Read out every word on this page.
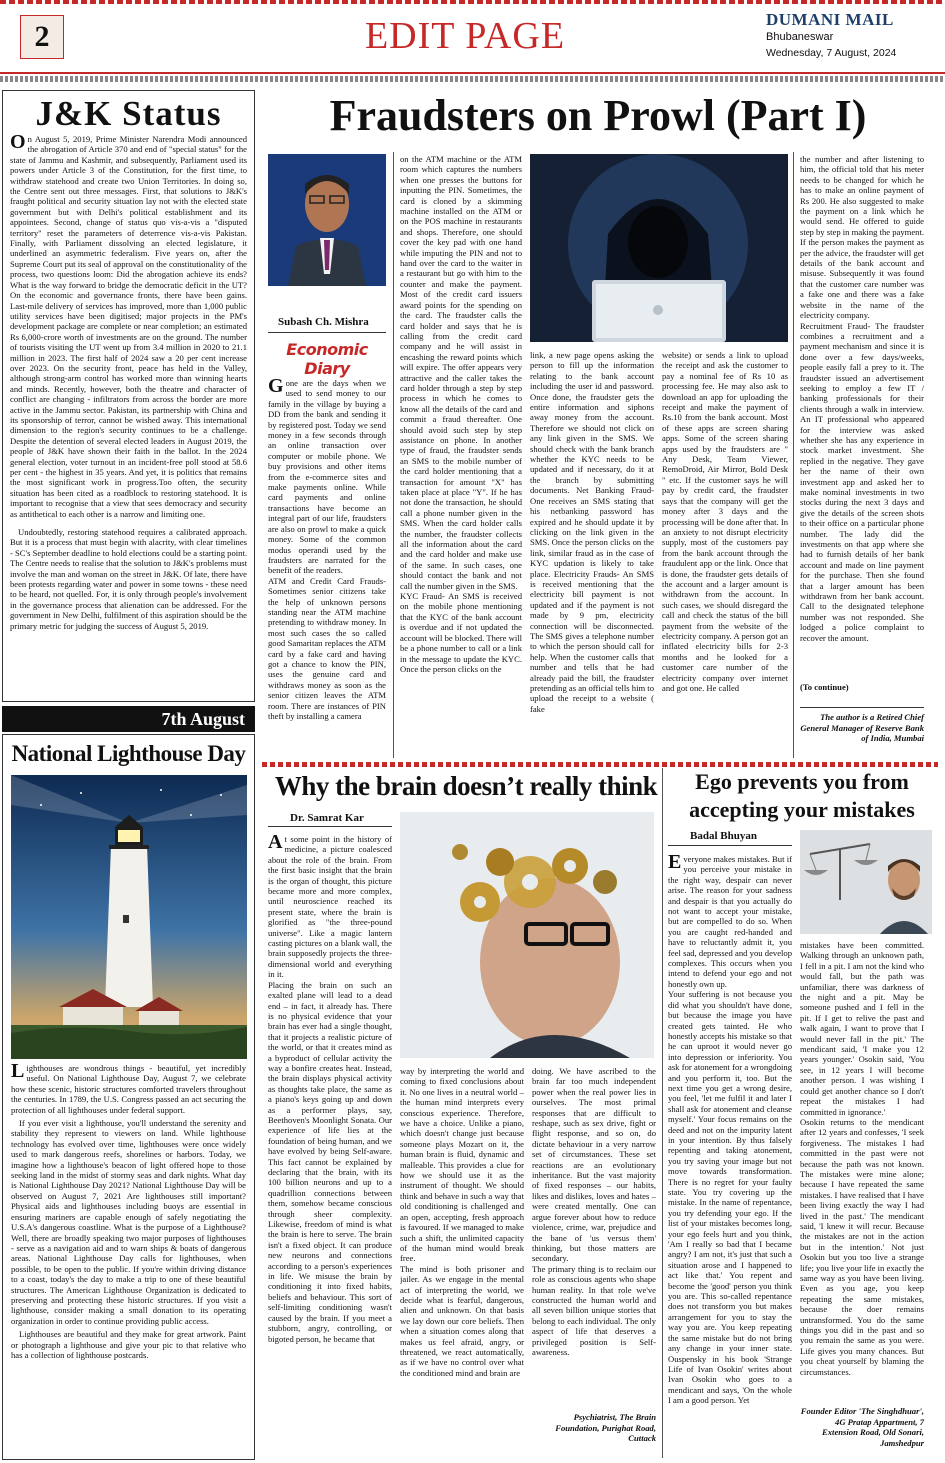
2	EDIT PAGE	DUMANI MAIL
Bhubaneswar
Wednesday, 7 August, 2024
J&K Status

On August 5, 2019, Prime Minister Narendra Modi announced the abrogation of Article 370 and end of "special status" for the state of Jammu and Kashmir, and subsequently, Parliament used its powers under Article 3 of the Constitution, for the first time, to withdraw statehood and create two Union Territories. In doing so, the Centre sent out three messages. First, that solutions to J&K's fraught political and security situation lay not with the elected state government but with Delhi's political establishment and its appointees. Second, change of status quo vis-a-vis a "disputed territory" reset the parameters of deterrence vis-a-vis Pakistan. Finally, with Parliament dissolving an elected legislature, it underlined an asymmetric federalism. Five years on, after the Supreme Court put its seal of approval on the constitutionality of the process, two questions loom: Did the abrogation achieve its ends? What is the way forward to bridge the democratic deficit in the UT?On the economic and governance fronts, there have been gains. Last-mile delivery of services has improved, more than 1,000 public utility services have been digitised; major projects in the PM's development package are complete or near completion; an estimated Rs 6,000-crore worth of investments are on the ground. The number of tourists visiting the UT went up from 3.4 million in 2020 to 21.1 million in 2023. The first half of 2024 saw a 20 per cent increase over 2023. On the security front, peace has held in the Valley, although strong-arm control has worked more than winning hearts and minds. Recently, however, both the theatre and character of conflict are changing - infiltrators from across the border are more active in the Jammu sector. Pakistan, its partnership with China and its sponsorship of terror, cannot be wished away. This international dimension to the region's security continues to be a challenge. Despite the detention of several elected leaders in August 2019, the people of J&K have shown their faith in the ballot. In the 2024 general election, voter turnout in an incident-free poll stood at 58.6 per cent - the highest in 35 years. And yet, it is politics that remains the most significant work in progress.Too often, the security situation has been cited as a roadblock to restoring statehood. It is important to recognise that a view that sees democracy and security as antithetical to each other is a narrow and limiting one.

Undoubtedly, restoring statehood requires a calibrated approach. But it is a process that must begin with alacrity, with clear timelines - SC's September deadline to hold elections could be a starting point. The Centre needs to realise that the solution to J&K's problems must involve the man and woman on the street in J&K. Of late, there have been protests regarding water and power in some towns - these need to be heard, not quelled. For, it is only through people's involvement in the governance process that alienation can be addressed. For the government in New Delhi, fulfilment of this aspiration should be the primary metric for judging the success of August 5, 2019.

7th August
National Lighthouse Day

Lighthouses are wondrous things - beautiful, yet incredibly useful. On National Lighthouse Day, August 7, we celebrate how these scenic, historic structures comforted travelers throughout the centuries. In 1789, the U.S. Congress passed an act securing the protection of all lighthouses under federal support.

If you ever visit a lighthouse, you'll understand the serenity and stability they represent to viewers on land. While lighthouse technology has evolved over time, lighthouses were once widely used to mark dangerous reefs, shorelines or harbors. Today, we imagine how a lighthouse's beacon of light offered hope to those seeking land in the midst of stormy seas and dark nights. What day is National Lighthouse Day 2021? National Lighthouse Day will be observed on August 7, 2021 Are lighthouses still important? Physical aids and lighthouses including buoys are essential in ensuring mariners are capable enough of safely negotiating the U.S.A's dangerous coastline. What is the purpose of a Lighthouse? Well, there are broadly speaking two major purposes of lighthouses - serve as a navigation aid and to warn ships & boats of dangerous areas. National Lighthouse Day calls for lighthouses, when possible, to be open to the public. If you're within driving distance to a coast, today's the day to make a trip to one of these beautiful structures. The American Lighthouse Organization is dedicated to preserving and protecting these historic structures. If you visit a lighthouse, consider making a small donation to its operating organization in order to continue providing public access.

Lighthouses are beautiful and they make for great artwork. Paint or photograph a lighthouse and give your pic to that relative who has a collection of lighthouse postcards.

Fraudsters on Prowl (Part I)
Subash Ch. Mishra
Economic Diary
Gone are the days when we used to send money to our family in the village by buying a DD from the bank and sending it by registered post. Today we send money in a few seconds through an online transaction over computer or mobile phone. We buy provisions and other items from the e-commerce sites and make payments online. While card payments and online transactions have become an integral part of our life, fraudsters are also on prowl to make a quick money. Some of the common modus operandi used by the fraudsters are narrated for the benefit of the readers.
ATM and Credit Card Frauds- Sometimes senior citizens take the help of unknown persons standing near the ATM machine pretending to withdraw money. In most such cases the so called good Samaritan replaces the ATM card by a fake card and having got a chance to know the PIN, uses the genuine card and withdraws money as soon as the senior citizen leaves the ATM room. There are instances of PIN theft by installing a camera
on the ATM machine or the ATM room which captures the numbers when one presses the buttons for inputting the PIN. Sometimes, the card is cloned by a skimming machine installed on the ATM or on the POS machine in restaurants and shops. Therefore, one should cover the key pad with one hand while imputing the PIN and not to hand over the card to the waiter in a restaurant but go with him to the counter and make the payment. Most of the credit card issuers award points for the spending on the card. The fraudster calls the card holder and says that he is calling from the credit card company and he will assist in encashing the reward points which will expire. The offer appears very attractive and the caller takes the card holder through a step by step process in which he comes to know all the details of the card and commit a fraud thereafter. One should avoid such step by step assistance on phone. In another type of fraud, the fraudster sends an SMS to the mobile number of the card holder mentioning that a transaction for amount "X" has taken place at place "Y". If he has not done the transaction, he should call a phone number given in the SMS. When the card holder calls the number, the fraudster collects all the information about the card and the card holder and make use of the same. In such cases, one should contact the bank and not call the number given in the SMS.
KYC Fraud- An SMS is received on the mobile phone mentioning that the KYC of the bank account is overdue and if not updated the account will be blocked. There will be a phone number to call or a link in the message to update the KYC. Once the person clicks on the
link, a new page opens asking the person to fill up the information relating to the bank account including the user id and password. Once done, the fraudster gets the entire information and siphons away money from the account. Therefore we should not click on any link given in the SMS. We should check with the bank branch whether the KYC needs to be updated and if necessary, do it at the branch by submitting documents. Net Banking Fraud- One receives an SMS stating that his netbanking password has expired and he should update it by clicking on the link given in the SMS. Once the person clicks on the link, similar fraud as in the case of KYC updation is likely to take place. Electricity Frauds- An SMS is received mentioning that the electricity bill payment is not updated and if the payment is not made by 9 pm, electricity connection will be disconnected. The SMS gives a telephone number to which the person should call for help. When the customer calls that number and tells that he had already paid the bill, the fraudster pretending as an official tells him to upload the receipt to a website ( fake
website) or sends a link to upload the receipt and ask the customer to pay a nominal fee of Rs 10 as processing fee. He may also ask to download an app for uploading the receipt and make the payment of Rs.10 from the bank account. Most of these apps are screen sharing apps. Some of the screen sharing apps used by the fraudsters are " Any Desk, Team Viewer, RemoDroid, Air Mirror, Bold Desk " etc. If the customer says he will pay by credit card, the fraudster says that the company will get the money after 3 days and the processing will be done after that. In an anxiety to not disrupt electricity supply, most of the customers pay from the bank account through the fraudulent app or the link. Once that is done, the fraudster gets details of the account and a larger amount is withdrawn from the account. In such cases, we should disregard the call and check the status of the bill payment from the website of the electricity company. A person got an inflated electricity bills for 2-3 months and he looked for a customer care number of the electricity company over internet and got one. He called
the number and after listening to him, the official told that his meter needs to be changed for which he has to make an online payment of Rs 200. He also suggested to make the payment on a link which he would send. He offered to guide step by step in making the payment. If the person makes the payment as per the advice, the fraudster will get details of the bank account and misuse. Subsequently it was found that the customer care number was a fake one and there was a fake website in the name of the electricity company.
Recruitment Fraud- The fraudster combines a recruitment and a payment mechanism and since it is done over a few days/weeks, people easily fall a prey to it. The fraudster issued an advertisement seeking to employ a few IT / banking professionals for their clients through a walk in interview. An IT professional who appeared for the interview was asked whether she has any experience in stock market investment. She replied in the negative. They gave her the name of their own investment app and asked her to make nominal investments in two stocks during the next 3 days and give the details of the screen shots to their office on a particular phone number. The lady did the investments on that app where she had to furnish details of her bank account and made on line payment for the purchase. Then she found that a larger amount has been withdrawn from her bank account. Call to the designated telephone number was not responded. She lodged a police complaint to recover the amount.
(To continue)
The author is a Retired Chief General Manager of Reserve Bank of India, Mumbai
Why the brain doesn’t really think
Dr. Samrat Kar
At some point in the history of medicine, a picture coalesced about the role of the brain. From the first basic insight that the brain is the organ of thought, this picture became more and more complex, until neuroscience reached its present state, where the brain is glorified as "the three-pound universe". Like a magic lantern casting pictures on a blank wall, the brain supposedly projects the three-dimensional world and everything in it.
Placing the brain on such an exalted plane will lead to a dead end – in fact, it already has. There is no physical evidence that your brain has ever had a single thought, that it projects a realistic picture of the world, or that it creates mind as a byproduct of cellular activity the way a bonfire creates heat. Instead, the brain displays physical activity as thoughts take place, the same as a piano's keys going up and down as a performer plays, say, Beethoven's Moonlight Sonata. Our experience of life lies at the foundation of being human, and we have evolved by being Self-aware. This fact cannot be explained by declaring that the brain, with its 100 billion neurons and up to a quadrillion connections between them, somehow became conscious through sheer complexity. Likewise, freedom of mind is what the brain is here to serve. The brain isn't a fixed object. It can produce new neurons and connections according to a person's experiences in life. We misuse the brain by conditioning it into fixed habits, beliefs and behaviour. This sort of self-limiting conditioning wasn't caused by the brain. If you meet a stubborn, angry, controlling, or bigoted person, he became that
way by interpreting the world and coming to fixed conclusions about it. No one lives in a neutral world – the human mind interprets every conscious experience. Therefore, we have a choice. Unlike a piano, which doesn't change just because someone plays Mozart on it, the human brain is fluid, dynamic and malleable. This provides a clue for how we should use it as the instrument of thought. We should think and behave in such a way that old conditioning is challenged and an open, accepting, fresh approach is favoured. If we managed to make such a shift, the unlimited capacity of the human mind would break free.
The mind is both prisoner and jailer. As we engage in the mental act of interpreting the world, we decide what is fearful, dangerous, alien and unknown. On that basis we lay down our core beliefs. Then when a situation comes along that makes us feel afraid, angry, or threatened, we react automatically, as if we have no control over what the conditioned mind and brain are
doing. We have ascribed to the brain far too much independent power when the real power lies in ourselves. The most primal responses that are difficult to reshape, such as sex drive, fight or flight response, and so on, do dictate behaviour in a very narrow set of circumstances. These set reactions are an evolutionary inheritance. But the vast majority of fixed responses – our habits, likes and dislikes, loves and hates – were created mentally. One can argue forever about how to reduce violence, crime, war, prejudice and the bane of 'us versus them' thinking, but those matters are secondary.
The primary thing is to reclaim our role as conscious agents who shape human reality. In that role we've constructed the human world and all seven billion unique stories that belong to each individual. The only aspect of life that deserves a privileged position is Self-awareness.
Psychiatrist, The Brain Foundation, Purighat Road, Cuttack
Ego prevents you from
accepting your mistakes
Badal Bhuyan
Everyone makes mistakes. But if you perceive your mistake in the right way, despair can never arise. The reason for your sadness and despair is that you actually do not want to accept your mistake, but are compelled to do so. When you are caught red-handed and have to reluctantly admit it, you feel sad, depressed and you develop complexes. This occurs when you intend to defend your ego and not honestly own up.
Your suffering is not because you did what you shouldn't have done, but because the image you have created gets tainted. He who honestly accepts his mistake so that he can uproot it would never go into depression or inferiority. You ask for atonement for a wrongdoing and you perform it, too. But the next time you get a wrong desire, you feel, 'let me fulfil it and later I shall ask for atonement and cleanse myself.' Your focus remains on the deed and not on the impurity latent in your intention. By thus falsely repenting and taking atonement, you try saving your image but not move towards transformation. There is no regret for your faulty state. You try covering up the mistake. In the name of repentance, you try defending your ego. If the list of your mistakes becomes long, your ego feels hurt and you think, 'Am I really so bad that I became angry? I am not, it's just that such a situation arose and I happened to act like that.' You repent and become the 'good' person you think you are. This so-called repentance does not transform you but makes arrangement for you to stay the way you are. You keep repeating the same mistake but do not bring any change in your inner state. Ouspensky in his book 'Strange Life of Ivan Osokin' writes about Ivan Osokin who goes to a mendicant and says, 'On the whole I am a good person. Yet
mistakes have been committed. Walking through an unknown path, I fell in a pit. I am not the kind who would fall, but the path was unfamiliar, there was darkness of the night and a pit. May be someone pushed and I fell in the pit. If I get to relive the past and walk again, I want to prove that I would never fall in the pit.' The mendicant said, 'I make you 12 years younger.' Osokin said, 'You see, in 12 years I will become another person. I was wishing I could get another chance so I don't repeat the mistakes I had committed in ignorance.'
Osokin returns to the mendicant after 12 years and confesses, 'I seek forgiveness. The mistakes I had committed in the past were not because the path was not known. The mistakes were mine alone; because I have repeated the same mistakes. I have realised that I have been living exactly the way I had lived in the past.' The mendicant said, 'I knew it will recur. Because the mistakes are not in the action but in the intention.' Not just Osokin but you too live a strange life; you live your life in exactly the same way as you have been living. Even as you age, you keep repeating the same mistakes, because the doer remains untransformed. You do the same things you did in the past and so you remain the same as you were. Life gives you many chances. But you cheat yourself by blaming the circumstances.
Founder Editor 'The Singhdhuar', 4G Pratap Appartment, 7 Extension Road, Old Sonari, Jamshedpur
